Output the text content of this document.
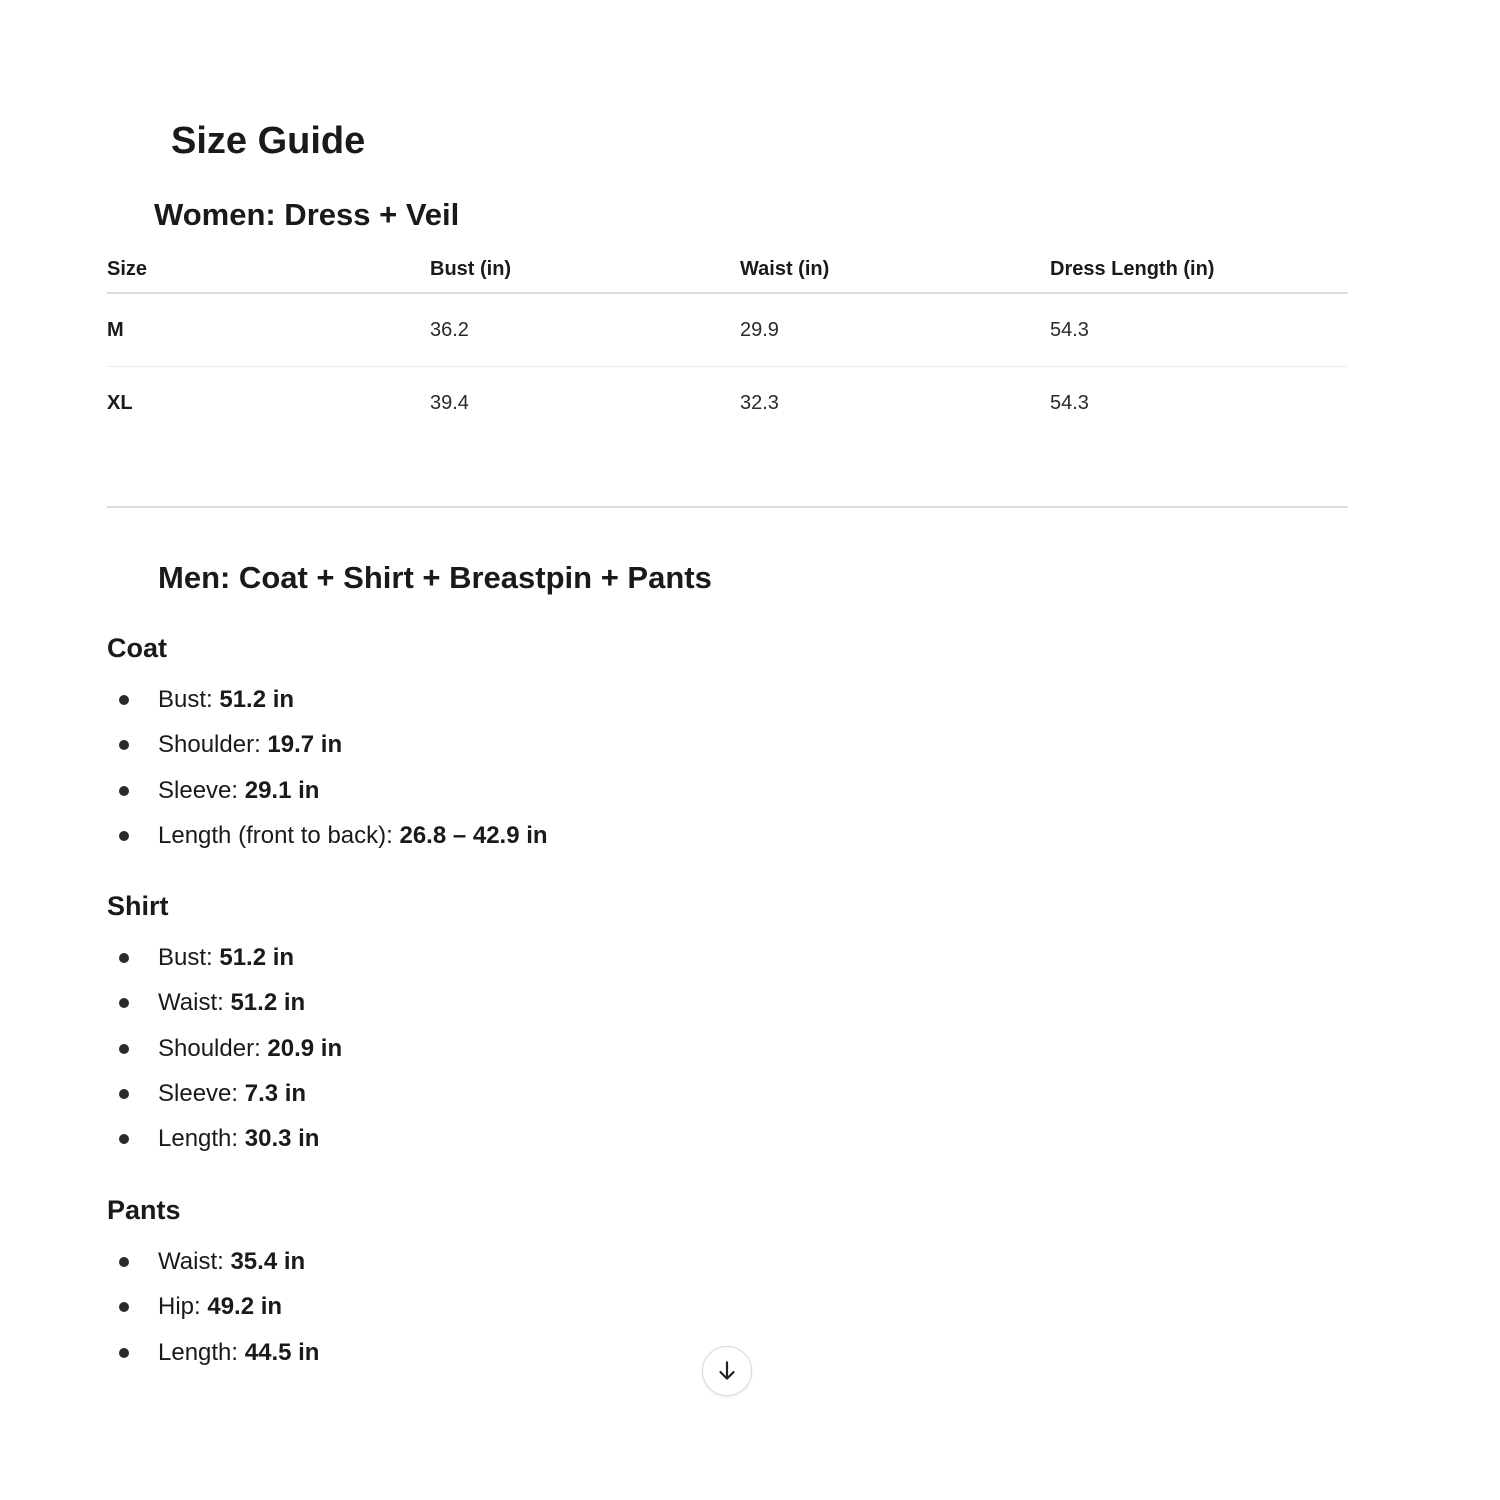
Size Guide
Women: Dress + Veil
Size	Bust (in)	Waist (in)	Dress Length (in)
M	36.2	29.9	54.3
XL	39.4	32.3	54.3
Men: Coat + Shirt + Breastpin + Pants
Coat
Bust: 51.2 in
Shoulder: 19.7 in
Sleeve: 29.1 in
Length (front to back): 26.8 – 42.9 in
Shirt
Bust: 51.2 in
Waist: 51.2 in
Shoulder: 20.9 in
Sleeve: 7.3 in
Length: 30.3 in
Pants
Waist: 35.4 in
Hip: 49.2 in
Length: 44.5 in
